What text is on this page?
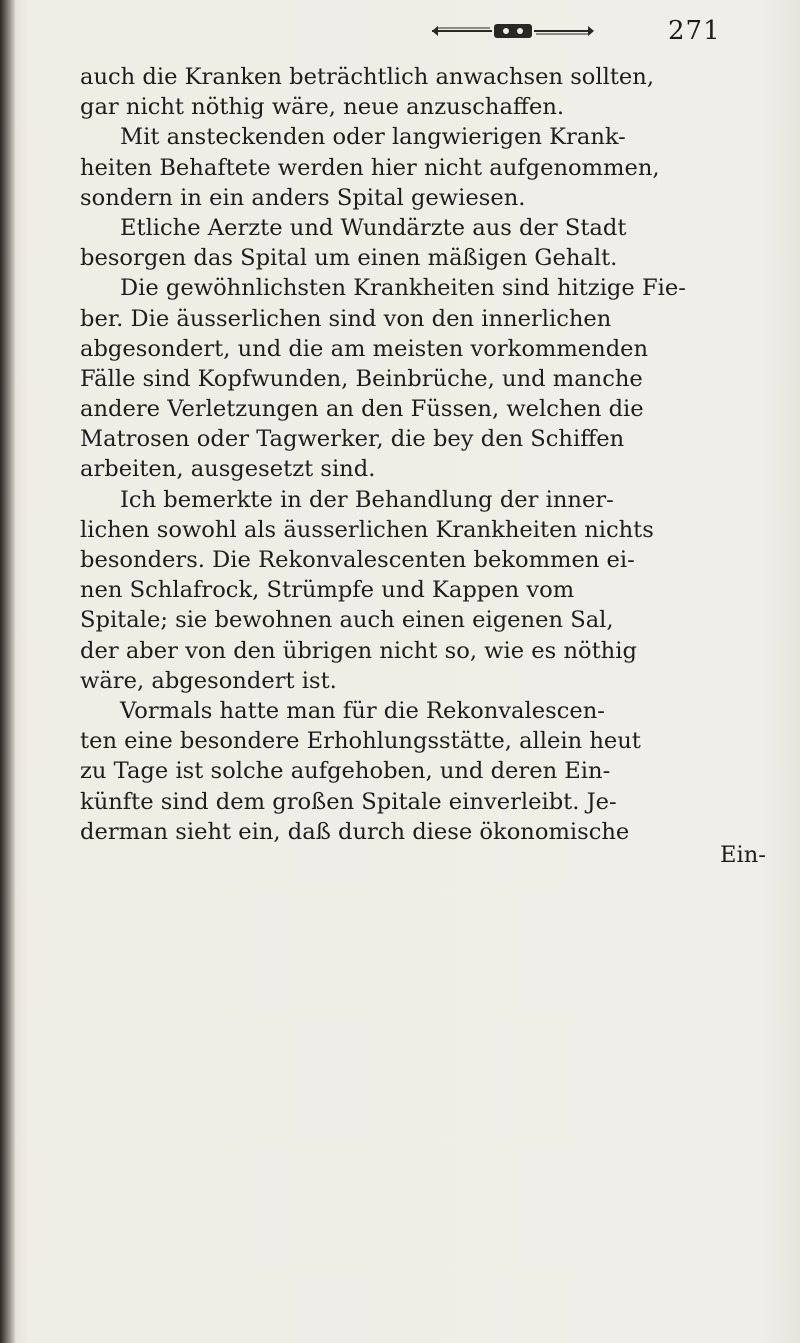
271
auch die Kranken beträchtlich anwachsen sollten,
gar nicht nöthig wäre, neue anzuschaffen.
Mit ansteckenden oder langwierigen Krank-
heiten Behaftete werden hier nicht aufgenommen,
sondern in ein anders Spital gewiesen.
Etliche Aerzte und Wundärzte aus der Stadt
besorgen das Spital um einen mäßigen Gehalt.
Die gewöhnlichsten Krankheiten sind hitzige Fie-
ber. Die äusserlichen sind von den innerlichen
abgesondert, und die am meisten vorkommenden
Fälle sind Kopfwunden, Beinbrüche, und manche
andere Verletzungen an den Füssen, welchen die
Matrosen oder Tagwerker, die bey den Schiffen
arbeiten, ausgesetzt sind.
Ich bemerkte in der Behandlung der inner-
lichen sowohl als äusserlichen Krankheiten nichts
besonders. Die Rekonvalescenten bekommen ei-
nen Schlafrock, Strümpfe und Kappen vom
Spitale; sie bewohnen auch einen eigenen Sal,
der aber von den übrigen nicht so, wie es nöthig
wäre, abgesondert ist.
Vormals hatte man für die Rekonvalescen-
ten eine besondere Erhohlungsstätte, allein heut
zu Tage ist solche aufgehoben, und deren Ein-
künfte sind dem großen Spitale einverleibt. Je-
derman sieht ein, daß durch diese ökonomische
Ein-
